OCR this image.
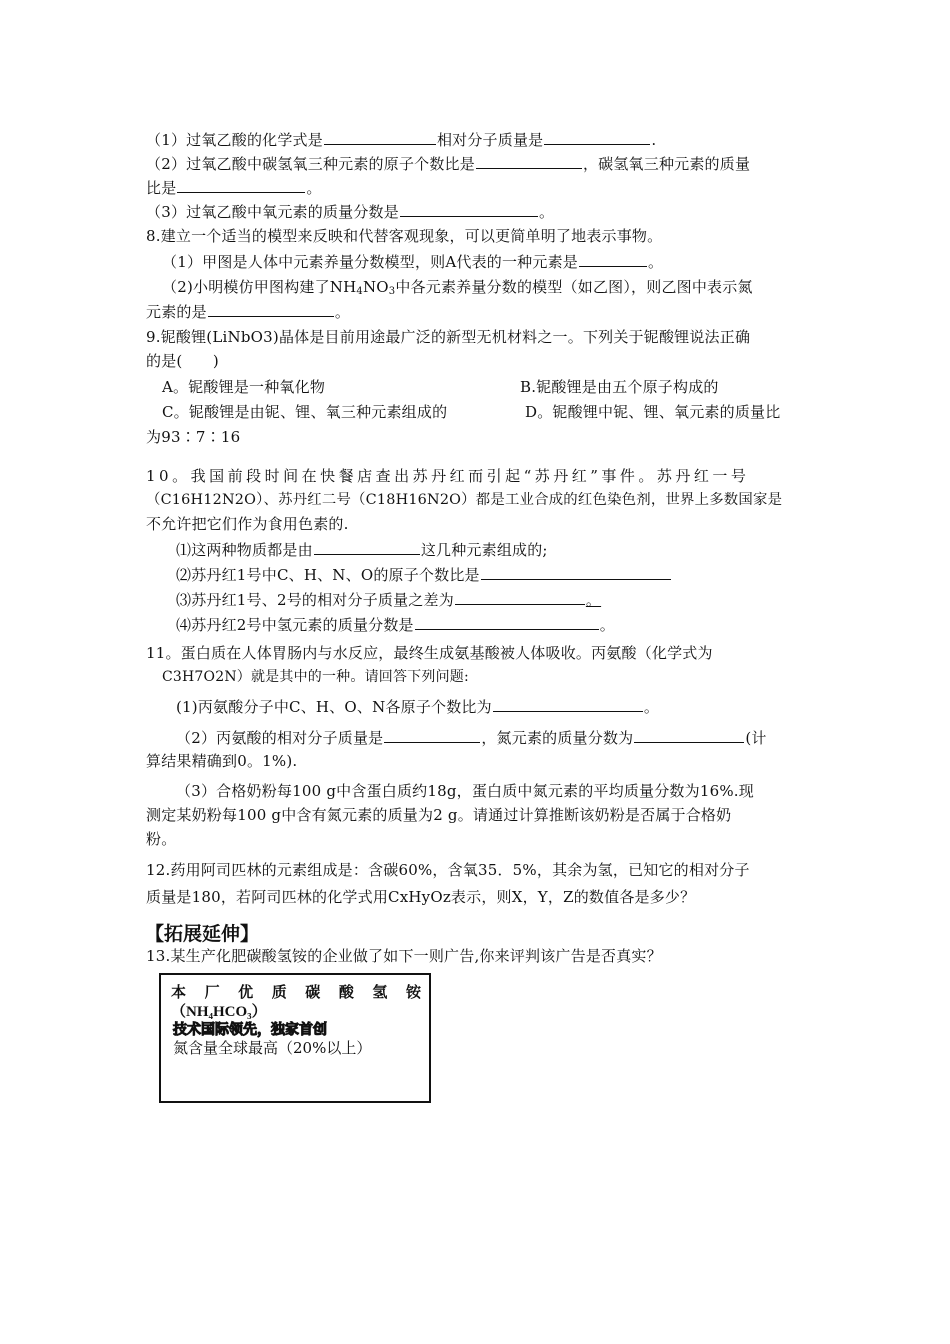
（1）过氧乙酸的化学式是	相对分子质量是	.
（2）过氧乙酸中碳氢氧三种元素的原子个数比是	，碳氢氧三种元素的质量
比是	。
（3）过氧乙酸中氧元素的质量分数是	。
8.建立一个适当的模型来反映和代替客观现象，可以更简单明了地表示事物。
（1）甲图是人体中元素养量分数模型，则A代表的一种元素是	。
（2)小明模仿甲图构建了$NH_4NO_3$中各元素养量分数的模型（如乙图），则乙图中表示氮
元素的是	。
9.铌酸锂(LiNbO3)晶体是目前用途最广泛的新型无机材料之一。下列关于铌酸锂说法正确
的是(　　)
A。铌酸锂是一种氧化物	B.铌酸锂是由五个原子构成的
C。铌酸锂是由铌、锂、氧三种元素组成的	D。铌酸锂中铌、锂、氧元素的质量比
为93∶7∶16
10。我国前段时间在快餐店查出苏丹红而引起“苏丹红”事件。苏丹红一号
（C16H12N2O）、苏丹红二号（C18H16N2O）都是工业合成的红色染色剂，世界上多数国家是
不允许把它们作为食用色素的.
⑴这两种物质都是由	这几种元素组成的;
⑵苏丹红1号中C、H、N、O的原子个数比是
⑶苏丹红1号、2号的相对分子质量之差为	。
⑷苏丹红2号中氢元素的质量分数是	。
11。蛋白质在人体胃肠内与水反应，最终生成氨基酸被人体吸收。丙氨酸（化学式为
C3H7O2N）就是其中的一种。请回答下列问题:
(1)丙氨酸分子中C、H、O、N各原子个数比为	。
（2）丙氨酸的相对分子质量是	，氮元素的质量分数为	(计
算结果精确到0。1%).
（3）合格奶粉每100 g中含蛋白质约18g，蛋白质中氮元素的平均质量分数为16%.现
测定某奶粉每100 g中含有氮元素的质量为2 g。请通过计算推断该奶粉是否属于合格奶
粉。
12.药用阿司匹林的元素组成是：含碳60%，含氧35．5%，其余为氢，已知它的相对分子
质量是180，若阿司匹林的化学式用CxHyOz表示，则X，Y，Z的数值各是多少？
【拓展延伸】
13.某生产化肥碳酸氢铵的企业做了如下一则广告,你来评判该广告是否真实？
本 厂 优 质 碳 酸 氢 铵
（NH₄HCO₃）
技术国际领先，独家首创
氮含量全球最高（20%以上）
